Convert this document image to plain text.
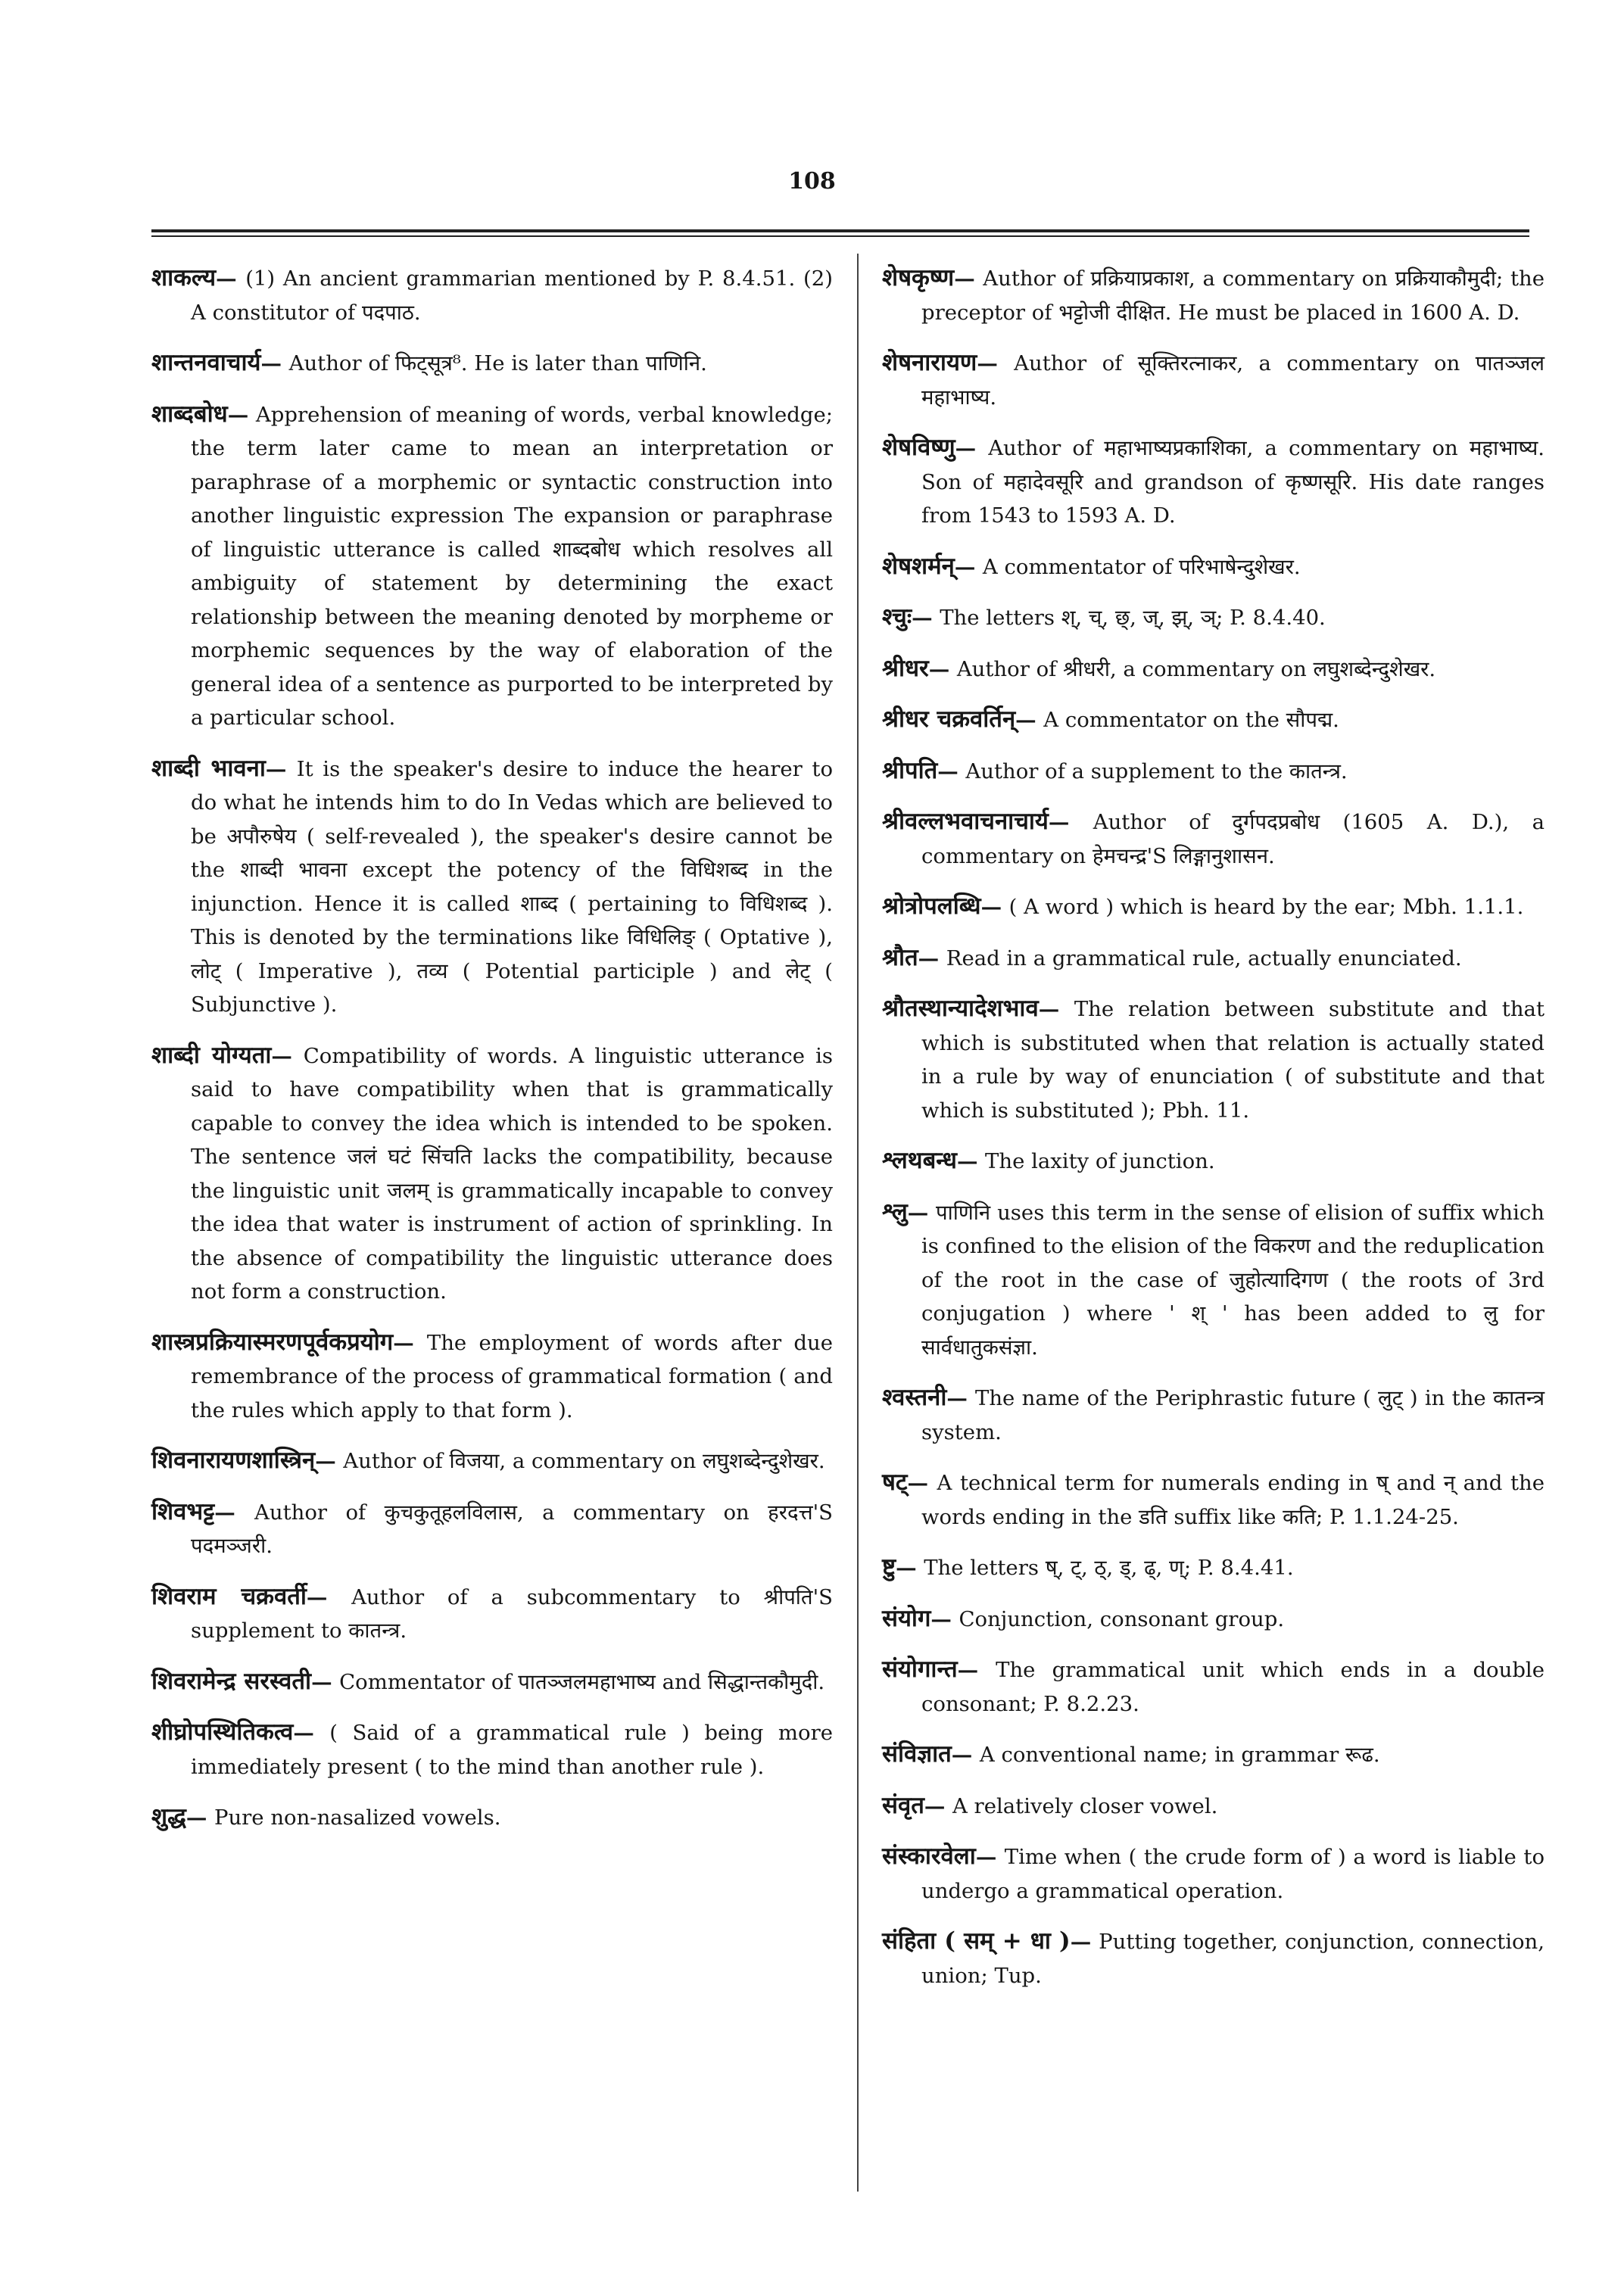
108

शाकल्य— (1) An ancient grammarian mentioned by P. 8.4.51. (2) A constitutor of पदपाठ.

शान्तनवाचार्य— Author of फिट्सूत्र⁸. He is later than पाणिनि.

शाब्दबोध— Apprehension of meaning of words, verbal knowledge; the term later came to mean an interpretation or paraphrase of a morphemic or syntactic construction into another linguistic expression The expansion or paraphrase of linguistic utterance is called शाब्दबोध which resolves all ambiguity of statement by determining the exact relationship between the meaning denoted by morpheme or morphemic sequences by the way of elaboration of the general idea of a sentence as purported to be interpreted by a particular school.

शाब्दी भावना— It is the speaker's desire to induce the hearer to do what he intends him to do In Vedas which are believed to be अपौरुषेय ( self-revealed ), the speaker's desire cannot be the शाब्दी भावना except the potency of the विधिशब्द in the injunction. Hence it is called शाब्द ( pertaining to विधिशब्द ). This is denoted by the terminations like विधिलिङ् ( Optative ), लोट् ( Imperative ), तव्य ( Potential participle ) and लेट् ( Subjunctive ).

शाब्दी योग्यता— Compatibility of words. A linguistic utterance is said to have compatibility when that is grammatically capable to convey the idea which is intended to be spoken. The sentence जलं घटं सिंचति lacks the compatibility, because the linguistic unit जलम् is grammatically incapable to convey the idea that water is instrument of action of sprinkling. In the absence of compatibility the linguistic utterance does not form a construction.

शास्त्रप्रक्रियास्मरणपूर्वकप्रयोग— The employment of words after due remembrance of the process of grammatical formation ( and the rules which apply to that form ).

शिवनारायणशास्त्रिन्— Author of विजया, a commentary on लघुशब्देन्दुशेखर.

शिवभट्ट— Author of कुचकुतूहलविलास, a commentary on हरदत्त'S पदमञ्जरी.

शिवराम चक्रवर्ती— Author of a subcommentary to श्रीपति'S supplement to कातन्त्र.

शिवरामेन्द्र सरस्वती— Commentator of पातञ्जलमहाभाष्य and सिद्धान्तकौमुदी.

शीघ्रोपस्थितिकत्व— ( Said of a grammatical rule ) being more immediately present ( to the mind than another rule ).

शुद्ध— Pure non-nasalized vowels.

शेषकृष्ण— Author of प्रक्रियाप्रकाश, a commentary on प्रक्रियाकौमुदी; the preceptor of भट्टोजी दीक्षित. He must be placed in 1600 A. D.

शेषनारायण— Author of सूक्तिरत्नाकर, a commentary on पातञ्जल महाभाष्य.

शेषविष्णु— Author of महाभाष्यप्रकाशिका, a commentary on महाभाष्य. Son of महादेवसूरि and grandson of कृष्णसूरि. His date ranges from 1543 to 1593 A. D.

शेषशर्मन्— A commentator of परिभाषेन्दुशेखर.

श्चुः— The letters श्, च्, छ्, ज्, झ्, ञ्; P. 8.4.40.

श्रीधर— Author of श्रीधरी, a commentary on लघुशब्देन्दुशेखर.

श्रीधर चक्रवर्तिन्— A commentator on the सौपद्म.

श्रीपति— Author of a supplement to the कातन्त्र.

श्रीवल्लभवाचनाचार्य— Author of दुर्गपदप्रबोध (1605 A. D.), a commentary on हेमचन्द्र'S लिङ्गानुशासन.

श्रोत्रोपलब्धि— ( A word ) which is heard by the ear; Mbh. 1.1.1.

श्रौत— Read in a grammatical rule, actually enunciated.

श्रौतस्थान्यादेशभाव— The relation between substitute and that which is substituted when that relation is actually stated in a rule by way of enunciation ( of substitute and that which is substituted ); Pbh. 11.

श्लथबन्ध— The laxity of junction.

श्लु— पाणिनि uses this term in the sense of elision of suffix which is confined to the elision of the विकरण and the reduplication of the root in the case of जुहोत्यादिगण ( the roots of 3rd conjugation ) where ' श् ' has been added to लु for सार्वधातुकसंज्ञा.

श्वस्तनी— The name of the Periphrastic future ( लुट् ) in the कातन्त्र system.

षट्— A technical term for numerals ending in ष् and न् and the words ending in the डति suffix like कति; P. 1.1.24-25.

ष्टु— The letters ष्, ट्, ठ्, ड्, ढ्, ण्; P. 8.4.41.

संयोग— Conjunction, consonant group.

संयोगान्त— The grammatical unit which ends in a double consonant; P. 8.2.23.

संविज्ञात— A conventional name; in grammar रूढ.

संवृत— A relatively closer vowel.

संस्कारवेला— Time when ( the crude form of ) a word is liable to undergo a grammatical operation.

संहिता ( सम् + धा )— Putting together, conjunction, connection, union; Tup.
